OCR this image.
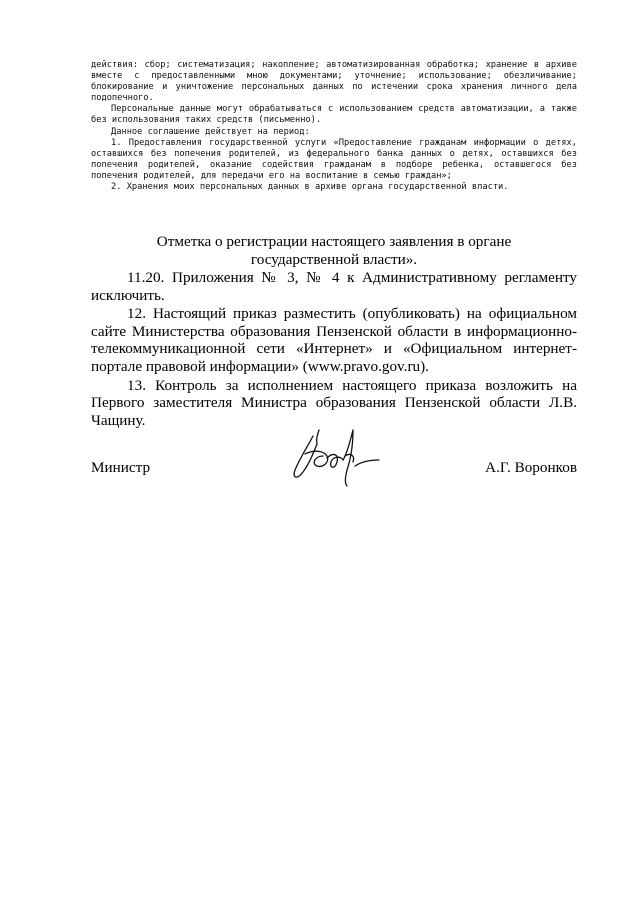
действия: сбор; систематизация; накопление; автоматизированная обработка; хранение в архиве вместе с предоставленными мною документами; уточнение; использование; обезличивание; блокирование и уничтожение персональных данных по истечении срока хранения личного дела подопечного.

Персональные данные могут обрабатываться с использованием средств автоматизации, а также без использования таких средств (письменно).

Данное соглашение действует на период:

1. Предоставления государственной услуги «Предоставление гражданам информации о детях, оставшихся без попечения родителей, из федерального банка данных о детях, оставшихся без попечения родителей, оказание содействия гражданам в подборе ребенка, оставшегося без попечения родителей, для передачи его на воспитание в семью граждан»;

2. Хранения моих персональных данных в архиве органа государственной власти.

Отметка о регистрации настоящего заявления в органе

государственной власти».

11.20. Приложения № 3, № 4 к Административному регламенту исключить.

12. Настоящий приказ разместить (опубликовать) на официальном сайте Министерства образования Пензенской области в информационно-телекоммуникационной сети «Интернет» и «Официальном интернет-портале правовой информации» (www.pravo.gov.ru).

13. Контроль за исполнением настоящего приказа возложить на Первого заместителя Министра образования Пензенской области Л.В. Чащину.

Министр	А.Г. Воронков
